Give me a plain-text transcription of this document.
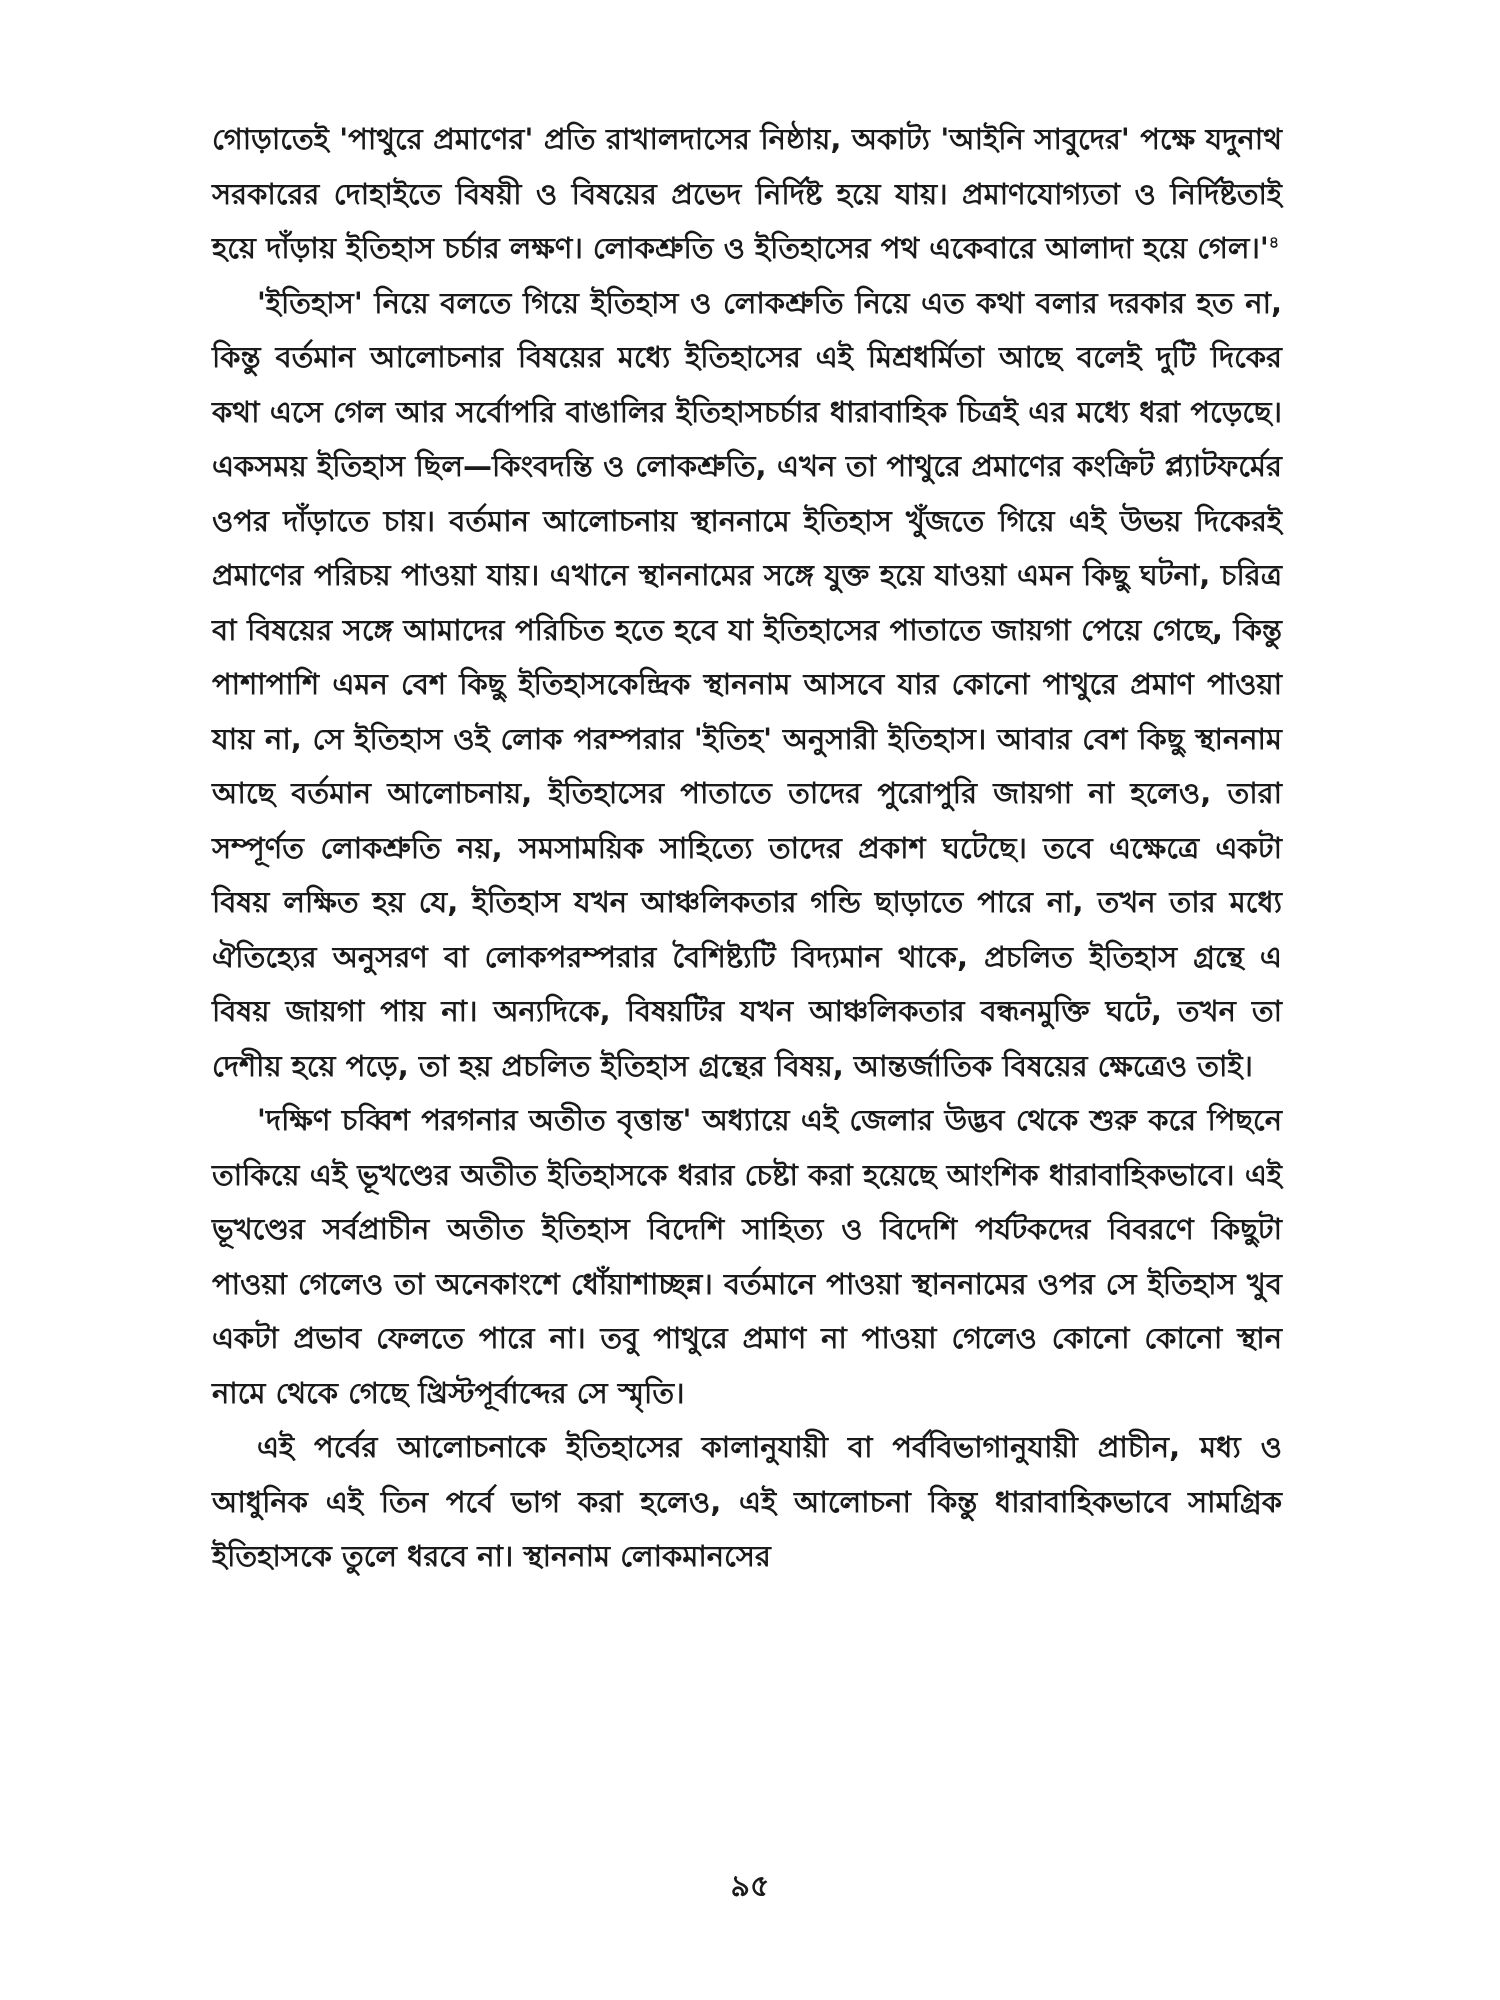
গোড়াতেই 'পাথুরে প্রমাণের' প্রতি রাখালদাসের নিষ্ঠায়, অকাট্য 'আইনি সাবুদের' পক্ষে যদুনাথ সরকারের দোহাইতে বিষয়ী ও বিষয়ের প্রভেদ নির্দিষ্ট হয়ে যায়। প্রমাণযোগ্যতা ও নির্দিষ্টতাই হয়ে দাঁড়ায় ইতিহাস চর্চার লক্ষণ। লোকশ্রুতি ও ইতিহাসের পথ একেবারে আলাদা হয়ে $গেল।'^৪$

'ইতিহাস' নিয়ে বলতে গিয়ে ইতিহাস ও লোকশ্রুতি নিয়ে এত কথা বলার দরকার হত না, কিন্তু বর্তমান আলোচনার বিষয়ের মধ্যে ইতিহাসের এই মিশ্রধর্মিতা আছে বলেই দুটি দিকের কথা এসে গেল আর সর্বোপরি বাঙালির ইতিহাসচর্চার ধারাবাহিক চিত্রই এর মধ্যে ধরা পড়েছে। একসময় ইতিহাস ছিল—কিংবদন্তি ও লোকশ্রুতি, এখন তা পাথুরে প্রমাণের কংক্রিট প্ল্যাটফর্মের ওপর দাঁড়াতে চায়। বর্তমান আলোচনায় স্থাননামে ইতিহাস খুঁজতে গিয়ে এই উভয় দিকেরই প্রমাণের পরিচয় পাওয়া যায়। এখানে স্থাননামের সঙ্গে যুক্ত হয়ে যাওয়া এমন কিছু ঘটনা, চরিত্র বা বিষয়ের সঙ্গে আমাদের পরিচিত হতে হবে যা ইতিহাসের পাতাতে জায়গা পেয়ে গেছে, কিন্তু পাশাপাশি এমন বেশ কিছু ইতিহাসকেন্দ্রিক স্থাননাম আসবে যার কোনো পাথুরে প্রমাণ পাওয়া যায় না, সে ইতিহাস ওই লোক পরম্পরার 'ইতিহ' অনুসারী ইতিহাস। আবার বেশ কিছু স্থাননাম আছে বর্তমান আলোচনায়, ইতিহাসের পাতাতে তাদের পুরোপুরি জায়গা না হলেও, তারা সম্পূর্ণত লোকশ্রুতি নয়, সমসাময়িক সাহিত্যে তাদের প্রকাশ ঘটেছে। তবে এক্ষেত্রে একটা বিষয় লক্ষিত হয় যে, ইতিহাস যখন আঞ্চলিকতার গন্ডি ছাড়াতে পারে না, তখন তার মধ্যে ঐতিহ্যের অনুসরণ বা লোকপরম্পরার বৈশিষ্ট্যটি বিদ্যমান থাকে, প্রচলিত ইতিহাস গ্রন্থে এ বিষয় জায়গা পায় না। অন্যদিকে, বিষয়টির যখন আঞ্চলিকতার বন্ধনমুক্তি ঘটে, তখন তা দেশীয় হয়ে পড়ে, তা হয় প্রচলিত ইতিহাস গ্রন্থের বিষয়, আন্তর্জাতিক বিষয়ের ক্ষেত্রেও তাই।

'দক্ষিণ চব্বিশ পরগনার অতীত বৃত্তান্ত' অধ্যায়ে এই জেলার উদ্ভব থেকে শুরু করে পিছনে তাকিয়ে এই ভূখণ্ডের অতীত ইতিহাসকে ধরার চেষ্টা করা হয়েছে আংশিক ধারাবাহিকভাবে। এই ভূখণ্ডের সর্বপ্রাচীন অতীত ইতিহাস বিদেশি সাহিত্য ও বিদেশি পর্যটকদের বিবরণে কিছুটা পাওয়া গেলেও তা অনেকাংশে ধোঁয়াশাচ্ছন্ন। বর্তমানে পাওয়া স্থাননামের ওপর সে ইতিহাস খুব একটা প্রভাব ফেলতে পারে না। তবু পাথুরে প্রমাণ না পাওয়া গেলেও কোনো কোনো স্থান নামে থেকে গেছে খ্রিস্টপূর্বাব্দের সে স্মৃতি।

এই পর্বের আলোচনাকে ইতিহাসের কালানুযায়ী বা পর্ববিভাগানুযায়ী প্রাচীন, মধ্য ও আধুনিক এই তিন পর্বে ভাগ করা হলেও, এই আলোচনা কিন্তু ধারাবাহিকভাবে সামগ্রিক ইতিহাসকে তুলে ধরবে না। স্থাননাম লোকমানসের

৯৫
